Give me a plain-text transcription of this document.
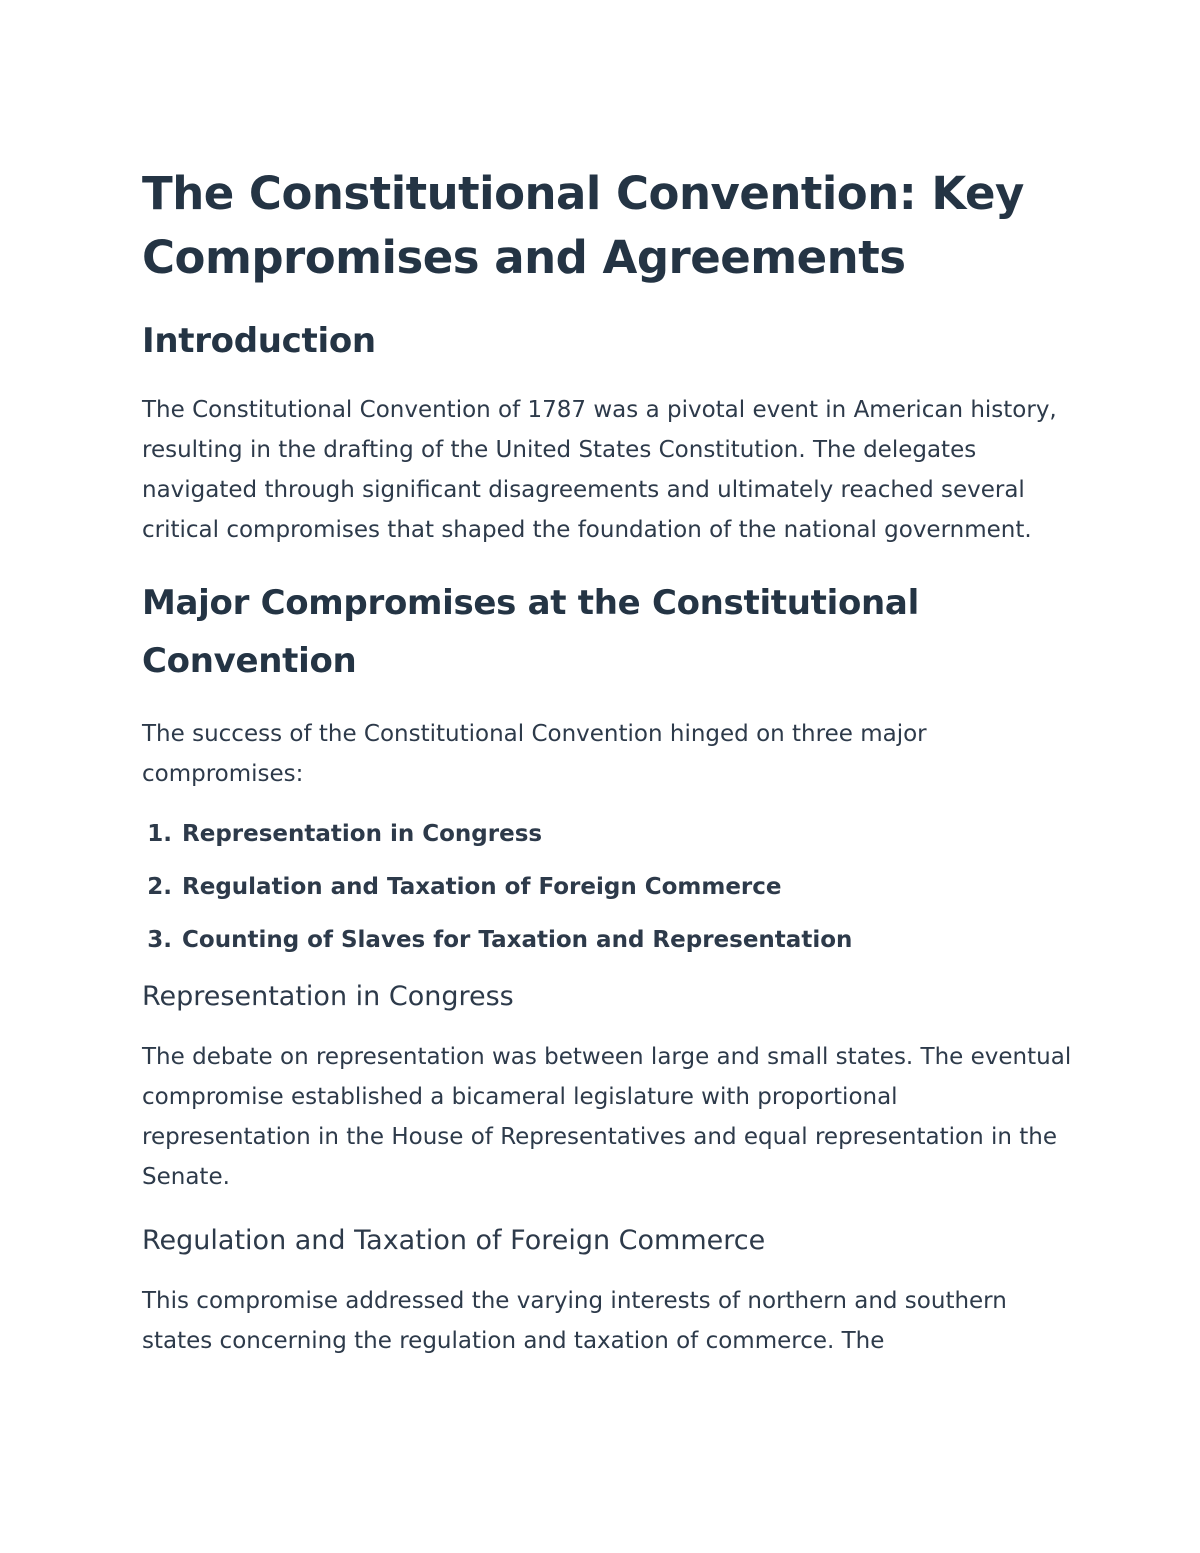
The Constitutional Convention: Key Compromises and Agreements
Introduction

The Constitutional Convention of 1787 was a pivotal event in American history, resulting in the drafting of the United States Constitution. The delegates navigated through significant disagreements and ultimately reached several critical compromises that shaped the foundation of the national government.

Major Compromises at the Constitutional Convention

The success of the Constitutional Convention hinged on three major compromises:

1. Representation in Congress
2. Regulation and Taxation of Foreign Commerce
3. Counting of Slaves for Taxation and Representation
Representation in Congress

The debate on representation was between large and small states. The eventual compromise established a bicameral legislature with proportional representation in the House of Representatives and equal representation in the Senate.

Regulation and Taxation of Foreign Commerce

This compromise addressed the varying interests of northern and southern states concerning the regulation and taxation of commerce. The
